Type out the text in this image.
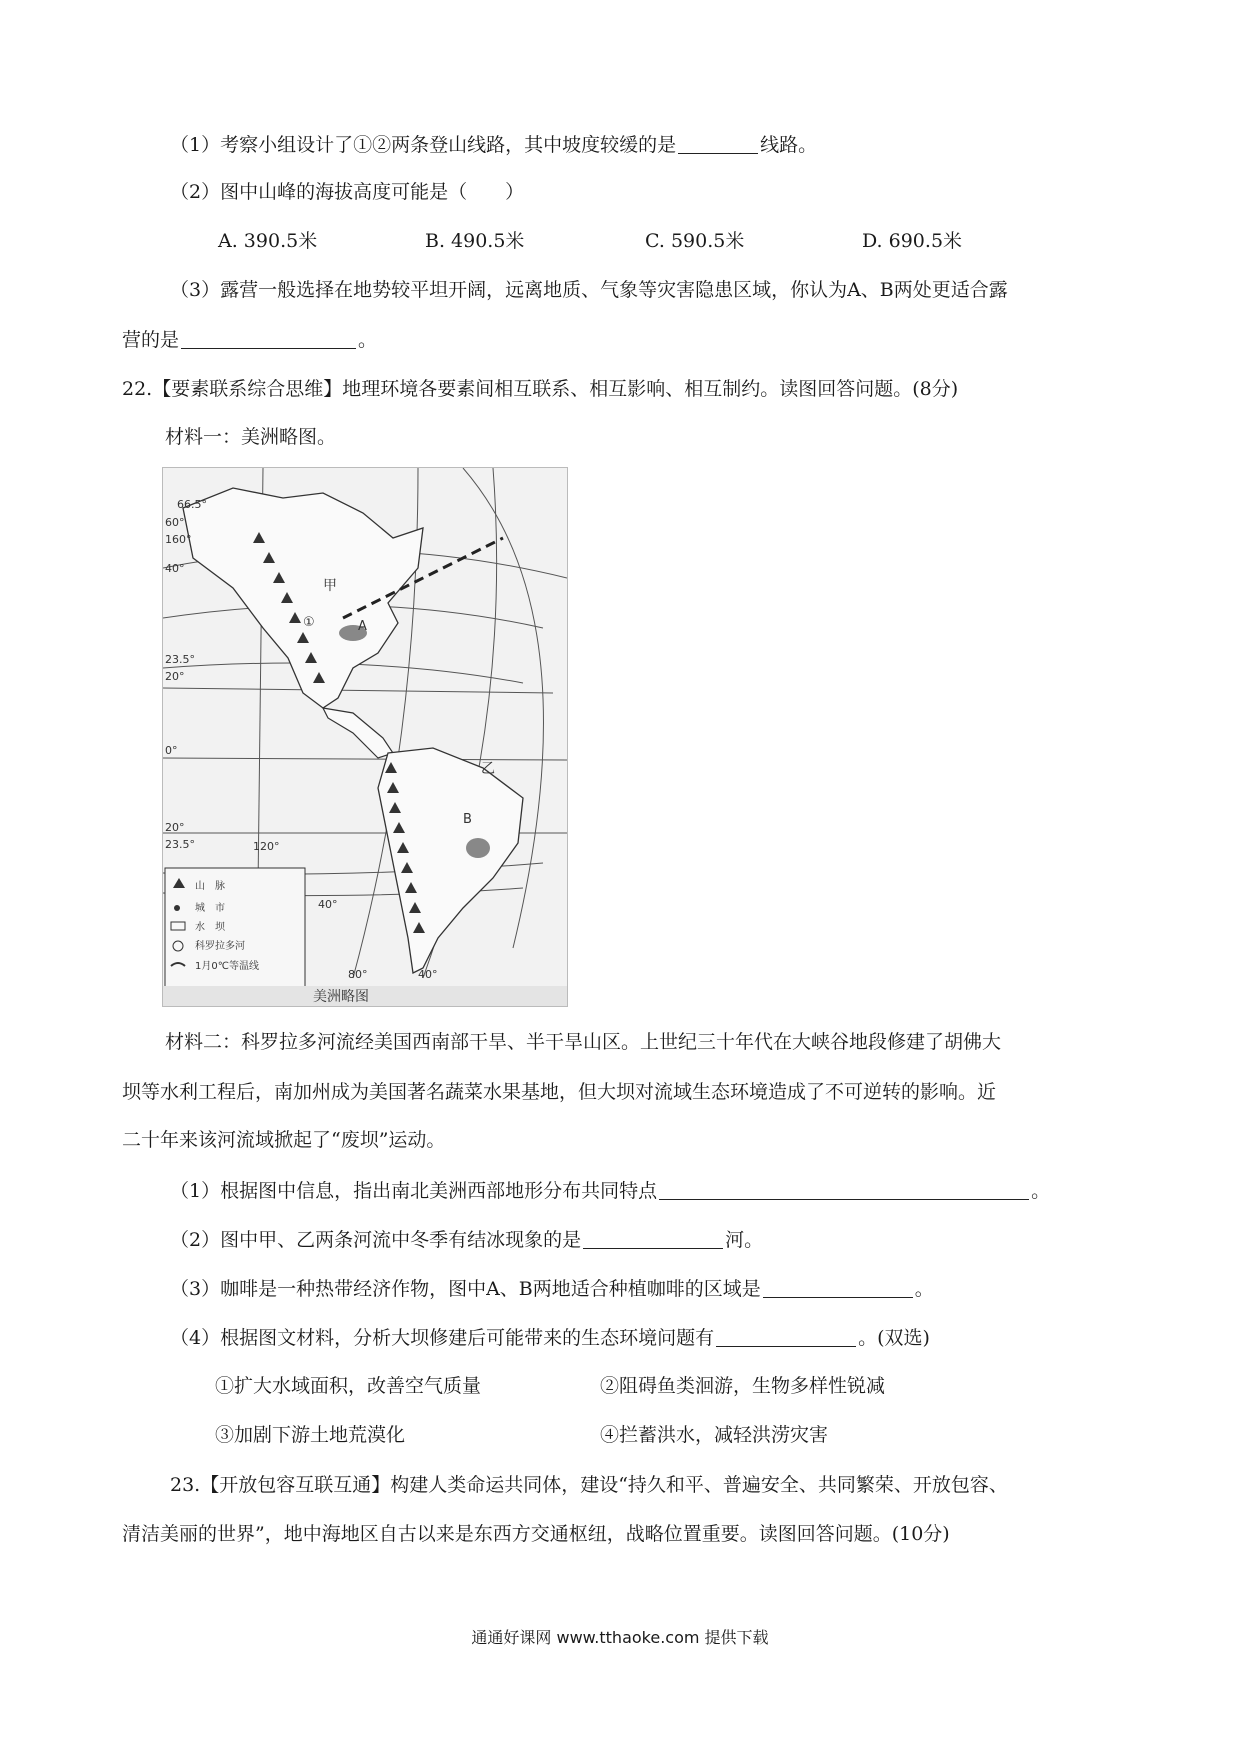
（1）考察小组设计了①②两条登山线路，其中坡度较缓的是	线路。
（2）图中山峰的海拔高度可能是（　　）
A. 390.5米	B. 490.5米	C. 590.5米	D. 690.5米
（3）露营一般选择在地势较平坦开阔，远离地质、气象等灾害隐患区域，你认为A、B两处更适合露
营的是	。
22.【要素联系综合思维】地理环境各要素间相互联系、相互影响、相互制约。读图回答问题。(8分)
材料一：美洲略图。
40°
23.5°
20°
0°
20°
23.5°
66.5°
60°
160°
120°
80°
40°
40°
甲
①	A
B
乙
山　脉
城　市
水　坝
科罗拉多河
1月0℃等温线
美洲略图
材料二：科罗拉多河流经美国西南部干旱、半干旱山区。上世纪三十年代在大峡谷地段修建了胡佛大
坝等水利工程后，南加州成为美国著名蔬菜水果基地，但大坝对流域生态环境造成了不可逆转的影响。近
二十年来该河流域掀起了“废坝”运动。
（1）根据图中信息，指出南北美洲西部地形分布共同特点	。
（2）图中甲、乙两条河流中冬季有结冰现象的是	河。
（3）咖啡是一种热带经济作物，图中A、B两地适合种植咖啡的区域是	。
（4）根据图文材料，分析大坝修建后可能带来的生态环境问题有	。(双选)
①扩大水域面积，改善空气质量	②阻碍鱼类洄游，生物多样性锐减
③加剧下游土地荒漠化	④拦蓄洪水，减轻洪涝灾害
23.【开放包容互联互通】构建人类命运共同体，建设“持久和平、普遍安全、共同繁荣、开放包容、
清洁美丽的世界”，地中海地区自古以来是东西方交通枢纽，战略位置重要。读图回答问题。(10分)
通通好课网 www.tthaoke.com 提供下载
